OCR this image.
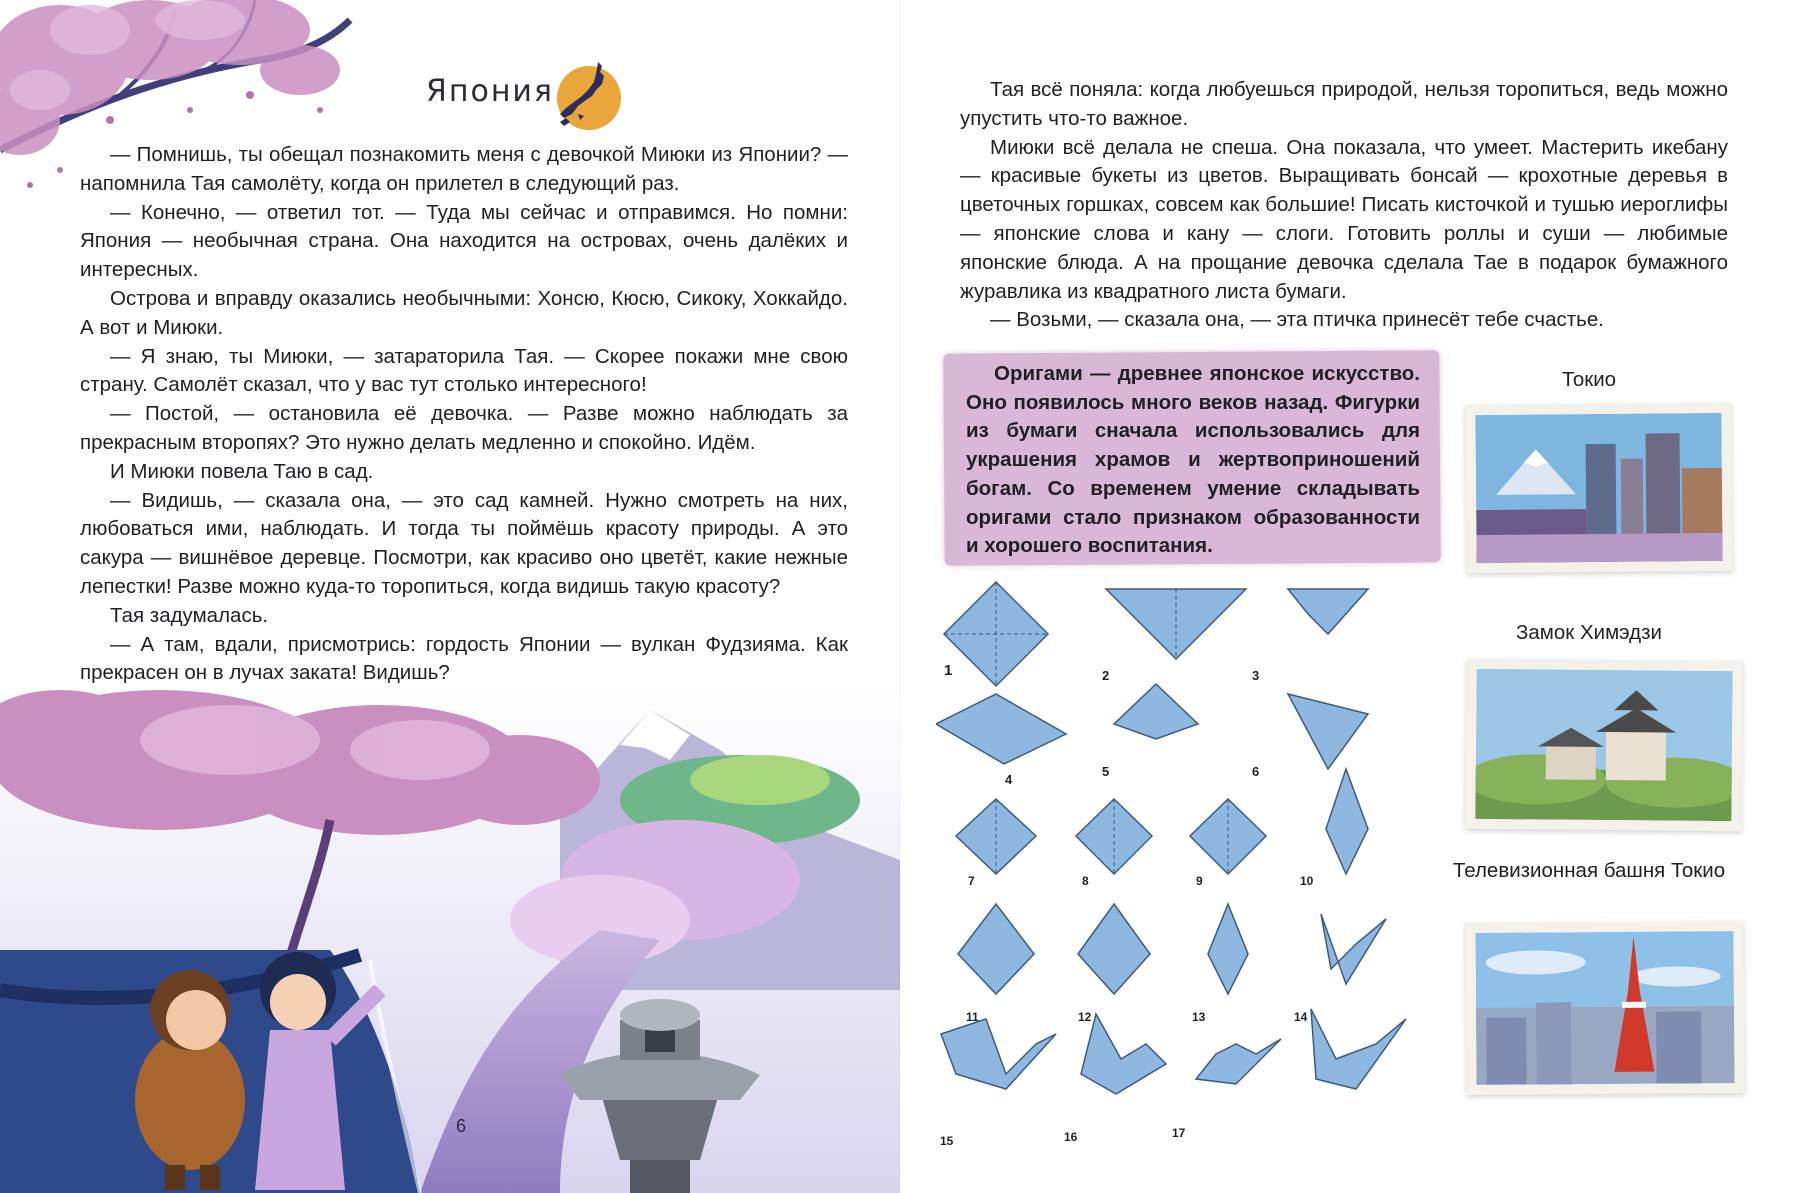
Япония

— Помнишь, ты обещал познакомить меня с девочкой Миюки из Японии? — напомнила Тая самолёту, когда он прилетел в следующий раз.

— Конечно, — ответил тот. — Туда мы сейчас и отправимся. Но помни: Япония — необычная страна. Она находится на островах, очень далёких и интересных.

Острова и вправду оказались необычными: Хонсю, Кюсю, Сикоку, Хоккайдо. А вот и Миюки.

— Я знаю, ты Миюки, — затараторила Тая. — Скорее покажи мне свою страну. Самолёт сказал, что у вас тут столько интересного!

— Постой, — остановила её девочка. — Разве можно наблюдать за прекрасным второпях? Это нужно делать медленно и спокойно. Идём.

И Миюки повела Таю в сад.

— Видишь, — сказала она, — это сад камней. Нужно смотреть на них, любоваться ими, наблюдать. И тогда ты поймёшь красоту природы. А это сакура — вишнёвое деревце. Посмотри, как красиво оно цветёт, какие нежные лепестки! Разве можно куда-то торопиться, когда видишь такую красоту?

Тая задумалась.

— А там, вдали, присмотрись: гордость Японии — вулкан Фудзияма. Как прекрасен он в лучах заката! Видишь?

6

Тая всё поняла: когда любуешься природой, нельзя торопиться, ведь можно упустить что-то важное.

Миюки всё делала не спеша. Она показала, что умеет. Мастерить икебану — красивые букеты из цветов. Выращивать бонсай — крохотные деревья в цветочных горшках, совсем как большие! Писать кисточкой и тушью иероглифы — японские слова и кану — слоги. Готовить роллы и суши — любимые японские блюда. А на прощание девочка сделала Тае в подарок бумажного журавлика из квадратного листа бумаги.

— Возьми, — сказала она, — эта птичка принесёт тебе счастье.

Оригами — древнее японское искусство. Оно появилось много веков назад. Фигурки из бумаги сначала использовались для украшения храмов и жертвоприношений богам. Со временем умение складывать оригами стало признаком образованности и хорошего воспитания.

1	2	3
4
5	6
7	8	9	10
11	12	13	14
15	16	17
Токио
Замок Химэдзи
Телевизионная башня Токио
